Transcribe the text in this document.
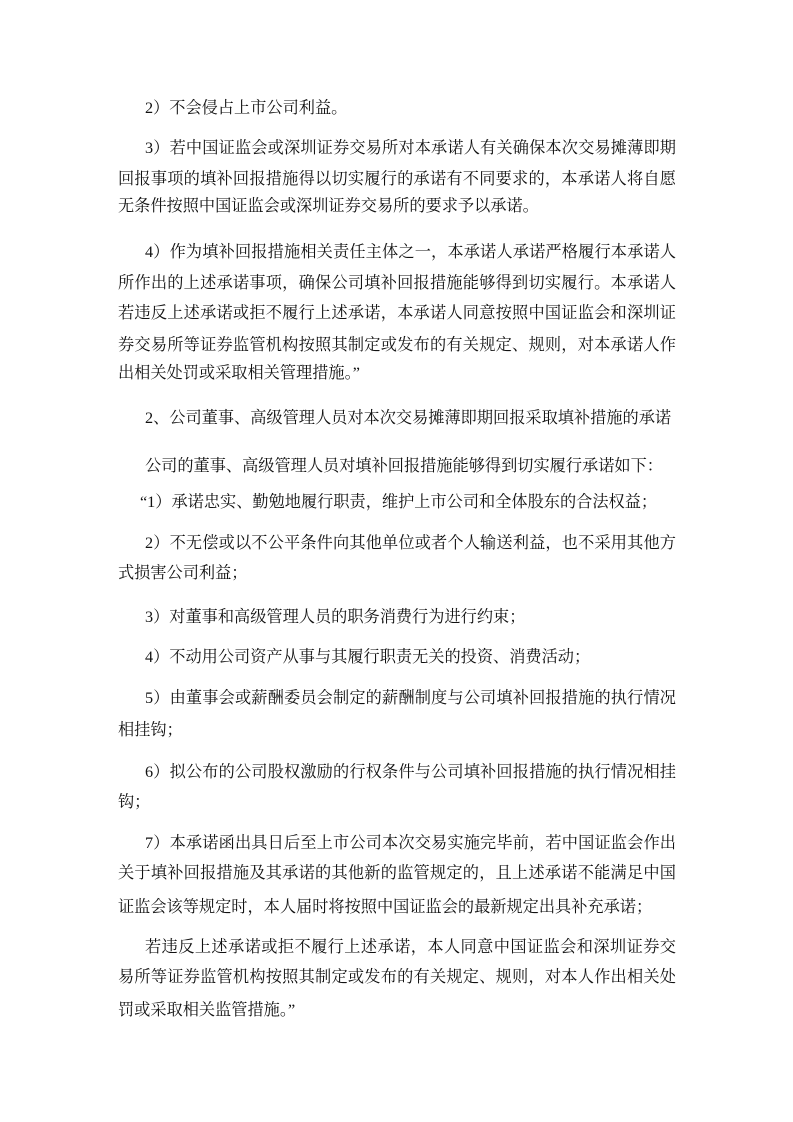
2）不会侵占上市公司利益。
3）若中国证监会或深圳证券交易所对本承诺人有关确保本次交易摊薄即期
回报事项的填补回报措施得以切实履行的承诺有不同要求的，本承诺人将自愿
无条件按照中国证监会或深圳证券交易所的要求予以承诺。
4）作为填补回报措施相关责任主体之一，本承诺人承诺严格履行本承诺人
所作出的上述承诺事项，确保公司填补回报措施能够得到切实履行。本承诺人
若违反上述承诺或拒不履行上述承诺，本承诺人同意按照中国证监会和深圳证
券交易所等证券监管机构按照其制定或发布的有关规定、规则，对本承诺人作
出相关处罚或采取相关管理措施。”
2、公司董事、高级管理人员对本次交易摊薄即期回报采取填补措施的承诺
公司的董事、高级管理人员对填补回报措施能够得到切实履行承诺如下：
“1）承诺忠实、勤勉地履行职责，维护上市公司和全体股东的合法权益；
2）不无偿或以不公平条件向其他单位或者个人输送利益，也不采用其他方
式损害公司利益；
3）对董事和高级管理人员的职务消费行为进行约束；
4）不动用公司资产从事与其履行职责无关的投资、消费活动；
5）由董事会或薪酬委员会制定的薪酬制度与公司填补回报措施的执行情况
相挂钩；
6）拟公布的公司股权激励的行权条件与公司填补回报措施的执行情况相挂
钩；
7）本承诺函出具日后至上市公司本次交易实施完毕前，若中国证监会作出
关于填补回报措施及其承诺的其他新的监管规定的，且上述承诺不能满足中国
证监会该等规定时，本人届时将按照中国证监会的最新规定出具补充承诺；
若违反上述承诺或拒不履行上述承诺，本人同意中国证监会和深圳证券交
易所等证券监管机构按照其制定或发布的有关规定、规则，对本人作出相关处
罚或采取相关监管措施。”
